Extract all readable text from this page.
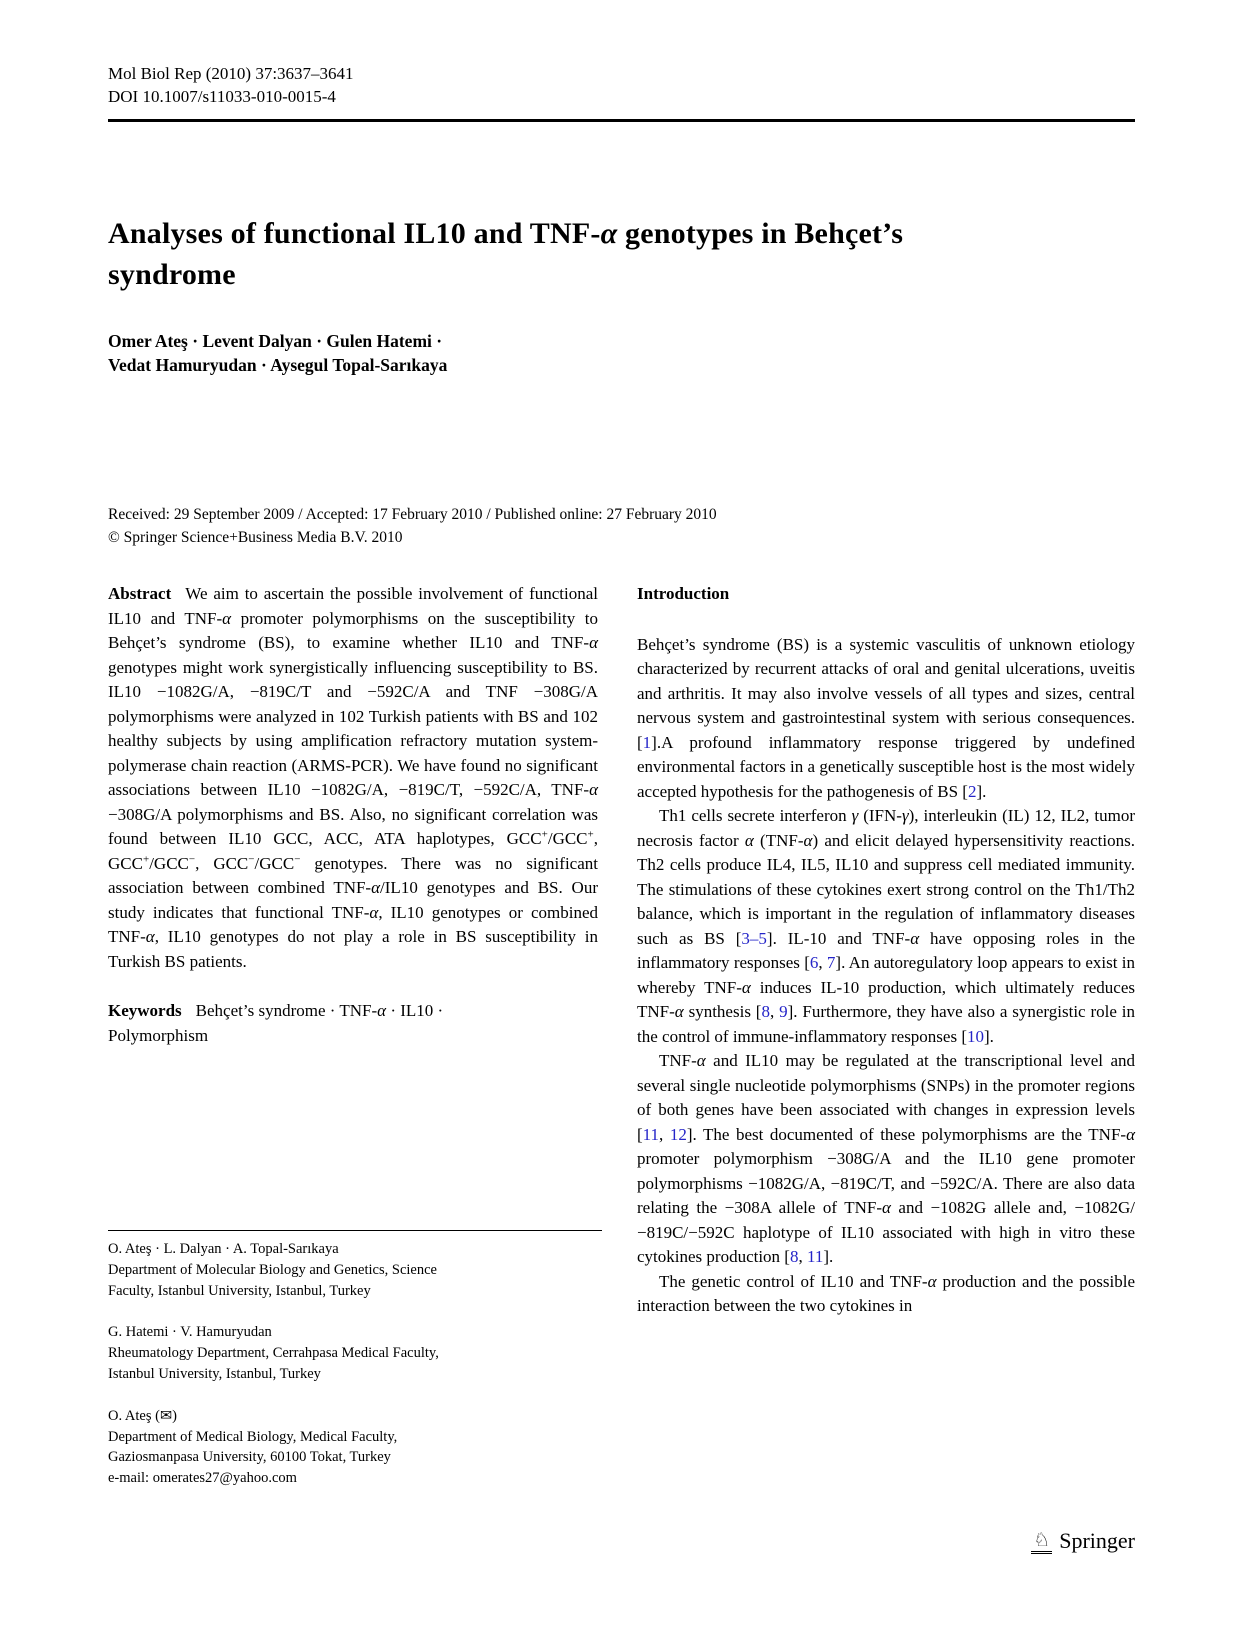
Mol Biol Rep (2010) 37:3637–3641
DOI 10.1007/s11033-010-0015-4
Analyses of functional IL10 and TNF-α genotypes in Behçet’s
syndrome
Omer Ateş · Levent Dalyan · Gulen Hatemi ·
Vedat Hamuryudan · Aysegul Topal-Sarıkaya
Received: 29 September 2009 / Accepted: 17 February 2010 / Published online: 27 February 2010
© Springer Science+Business Media B.V. 2010

Abstract We aim to ascertain the possible involvement of functional IL10 and TNF-α promoter polymorphisms on the susceptibility to Behçet’s syndrome (BS), to examine whether IL10 and TNF-α genotypes might work synergistically influencing susceptibility to BS. IL10 −1082G/A, −819C/T and −592C/A and TNF −308G/A polymorphisms were analyzed in 102 Turkish patients with BS and 102 healthy subjects by using amplification refractory mutation system-polymerase chain reaction (ARMS-PCR). We have found no significant associations between IL10 −1082G/A, −819C/T, −592C/A, TNF-α −308G/A polymorphisms and BS. Also, no significant correlation was found between IL10 GCC, ACC, ATA haplotypes, GCC+/GCC+, GCC+/GCC−, GCC−/GCC− genotypes. There was no significant association between combined TNF-α/IL10 genotypes and BS. Our study indicates that functional TNF-α, IL10 genotypes or combined TNF-α, IL10 genotypes do not play a role in BS susceptibility in Turkish BS patients.

Keywords Behçet’s syndrome · TNF-α · IL10 ·
Polymorphism

Introduction

Behçet’s syndrome (BS) is a systemic vasculitis of unknown etiology characterized by recurrent attacks of oral and genital ulcerations, uveitis and arthritis. It may also involve vessels of all types and sizes, central nervous system and gastrointestinal system with serious consequences. [1].A profound inflammatory response triggered by undefined environmental factors in a genetically susceptible host is the most widely accepted hypothesis for the pathogenesis of BS [2].

Th1 cells secrete interferon γ (IFN-γ), interleukin (IL) 12, IL2, tumor necrosis factor α (TNF-α) and elicit delayed hypersensitivity reactions. Th2 cells produce IL4, IL5, IL10 and suppress cell mediated immunity. The stimulations of these cytokines exert strong control on the Th1/Th2 balance, which is important in the regulation of inflammatory diseases such as BS [3–5]. IL-10 and TNF-α have opposing roles in the inflammatory responses [6, 7]. An autoregulatory loop appears to exist in whereby TNF-α induces IL-10 production, which ultimately reduces TNF-α synthesis [8, 9]. Furthermore, they have also a synergistic role in the control of immune-inflammatory responses [10].

TNF-α and IL10 may be regulated at the transcriptional level and several single nucleotide polymorphisms (SNPs) in the promoter regions of both genes have been associated with changes in expression levels [11, 12]. The best documented of these polymorphisms are the TNF-α promoter polymorphism −308G/A and the IL10 gene promoter polymorphisms −1082G/A, −819C/T, and −592C/A. There are also data relating the −308A allele of TNF-α and −1082G allele and, −1082G/−819C/−592C haplotype of IL10 associated with high in vitro these cytokines production [8, 11].

The genetic control of IL10 and TNF-α production and the possible interaction between the two cytokines in

O. Ateş · L. Dalyan · A. Topal-Sarıkaya
Department of Molecular Biology and Genetics, Science
Faculty, Istanbul University, Istanbul, Turkey
G. Hatemi · V. Hamuryudan
Rheumatology Department, Cerrahpasa Medical Faculty,
Istanbul University, Istanbul, Turkey
O. Ateş (✉)
Department of Medical Biology, Medical Faculty,
Gaziosmanpasa University, 60100 Tokat, Turkey
e-mail: omerates27@yahoo.com
♘ Springer
